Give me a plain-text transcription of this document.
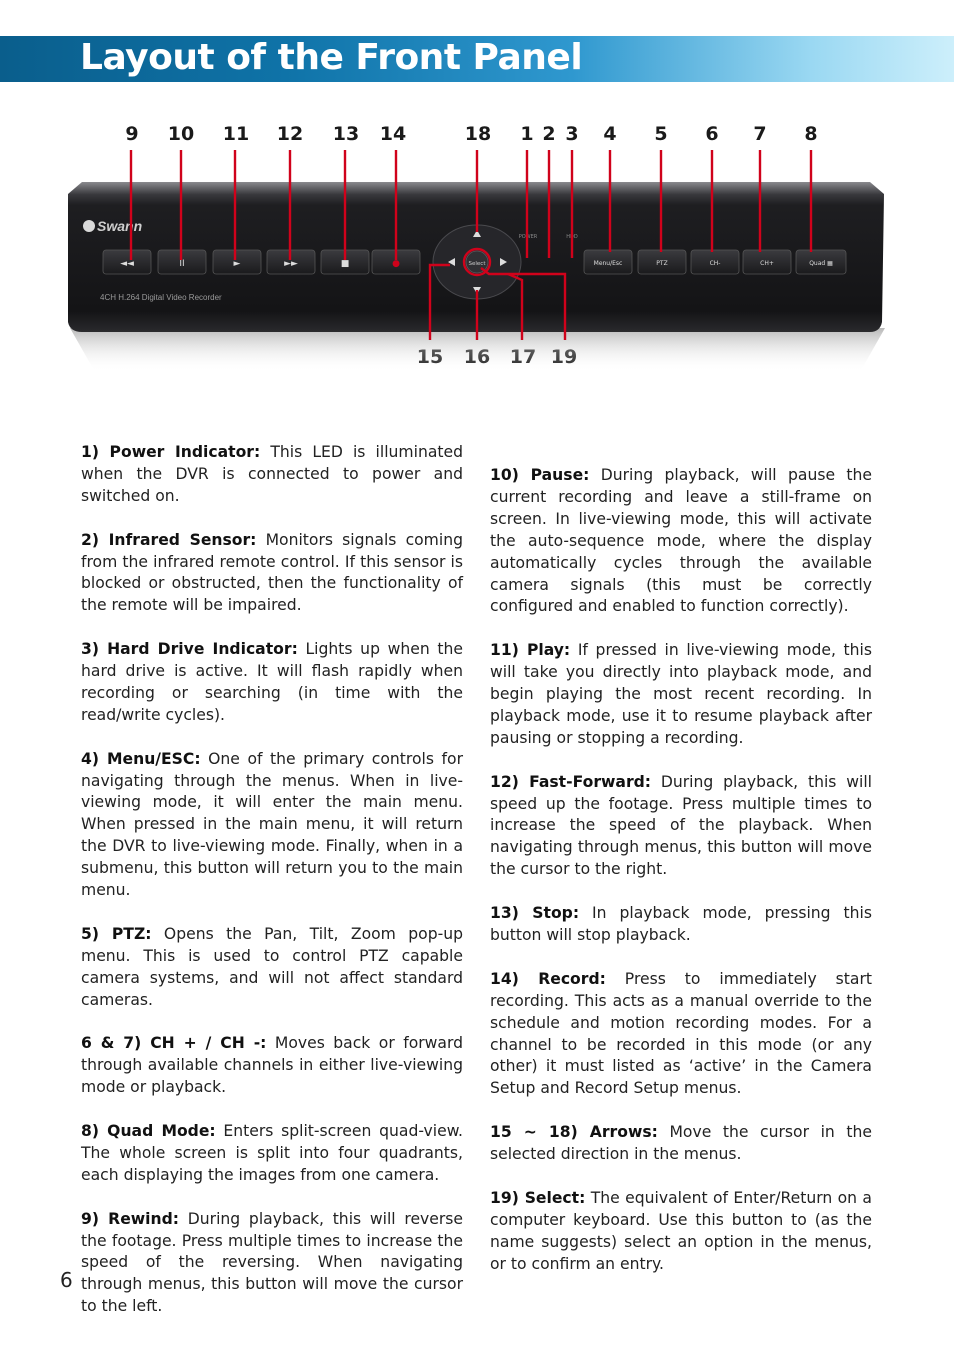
Layout of the Front Panel
9 10 11 12 13 14	18 1 2 3 4 5 6 7 8
Swann
4CH H.264 Digital Video Recorder
◄◄	II	►	►►	■	●	Select
POWER	HDD
Menu/Esc	PTZ	CH-	CH+	Quad ▦

1) Power Indicator: This LED is illuminated when the DVR is connected to power and switched on.

2) Infrared Sensor: Monitors signals coming from the infrared remote control. If this sensor is blocked or obstructed, then the functionality of the remote will be impaired.

3) Hard Drive Indicator: Lights up when the hard drive is active. It will flash rapidly when recording or searching (in time with the read/write cycles).

4) Menu/ESC: One of the primary controls for navigating through the menus. When in live-viewing mode, it will enter the main menu. When pressed in the main menu, it will return the DVR to live-viewing mode. Finally, when in a submenu, this button will return you to the main menu.

5) PTZ: Opens the Pan, Tilt, Zoom pop-up menu. This is used to control PTZ capable camera systems, and will not affect standard cameras.

6 & 7) CH + / CH -: Moves back or forward through available channels in either live-viewing mode or playback.

8) Quad Mode: Enters split-screen quad-view. The whole screen is split into four quadrants, each displaying the images from one camera.

9) Rewind: During playback, this will reverse the footage. Press multiple times to increase the speed of the reversing. When navigating through menus, this button will move the cursor to the left.

10) Pause: During playback, will pause the current recording and leave a still-frame on screen. In live-viewing mode, this will activate the auto-sequence mode, where the display automatically cycles through the available camera signals (this must be correctly configured and enabled to function correctly).

11) Play: If pressed in live-viewing mode, this will take you directly into playback mode, and begin playing the most recent recording. In playback mode, use it to resume playback after pausing or stopping a recording.

12) Fast-Forward: During playback, this will speed up the footage. Press multiple times to increase the speed of the playback. When navigating through menus, this button will move the cursor to the right.

13) Stop: In playback mode, pressing this button will stop playback.

14) Record: Press to immediately start recording. This acts as a manual override to the schedule and motion recording modes. For a channel to be recorded in this mode (or any other) it must listed as ‘active’ in the Camera Setup and Record Setup menus.

15 ~ 18) Arrows: Move the cursor in the selected direction in the menus.

19) Select: The equivalent of Enter/Return on a computer keyboard. Use this button to (as the name suggests) select an option in the menus, or to confirm an entry.

6
